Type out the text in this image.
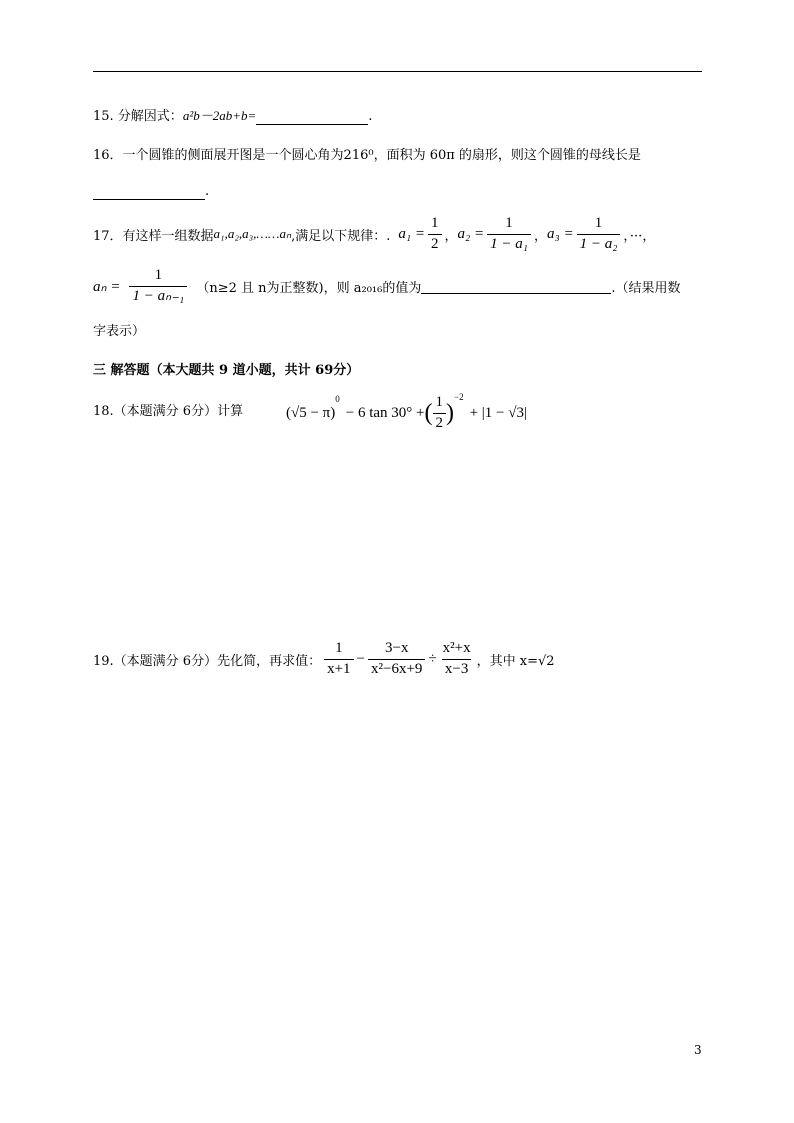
15. 分解因式：a²b－2ab+b=	.
16．一个圆锥的侧面展开图是一个圆心角为216⁰，面积为 60π 的扇形，则这个圆锥的母线长是
.
17．有这样一组数据 a₁,a₂,a₃,……aₙ ,满足以下规律：. $a_1 = \frac{1}{2}$ ， $a_2 = \frac{1}{\text{1 − a₁}}$ ， $a_3 = \frac{1}{\text{1 − a₂}}$ ，···，
$a_n = \frac{1}{\text{1 − aₙ₋₁}} (n\ge 2$ 且 n为正整数)，则 a₂₀₁₆的值为
	.（结果用数
字表示）
三 解答题（本大题共 9 道小题，共计 69分）
18.（本题满分 6分）计算	(√5 − π)
0
− 6 tan 30° + ( $\frac{1}{2}$ )
$^{-2}$
+ |1 − √3|
19.（本题满分 6分）先化简，再求值： $\frac{1}{x+1} - \frac{3-x}{\text{x²−6x+9}} \div \frac{\text{x²+x}}{x-3}$ ，其中 x=√2
3
